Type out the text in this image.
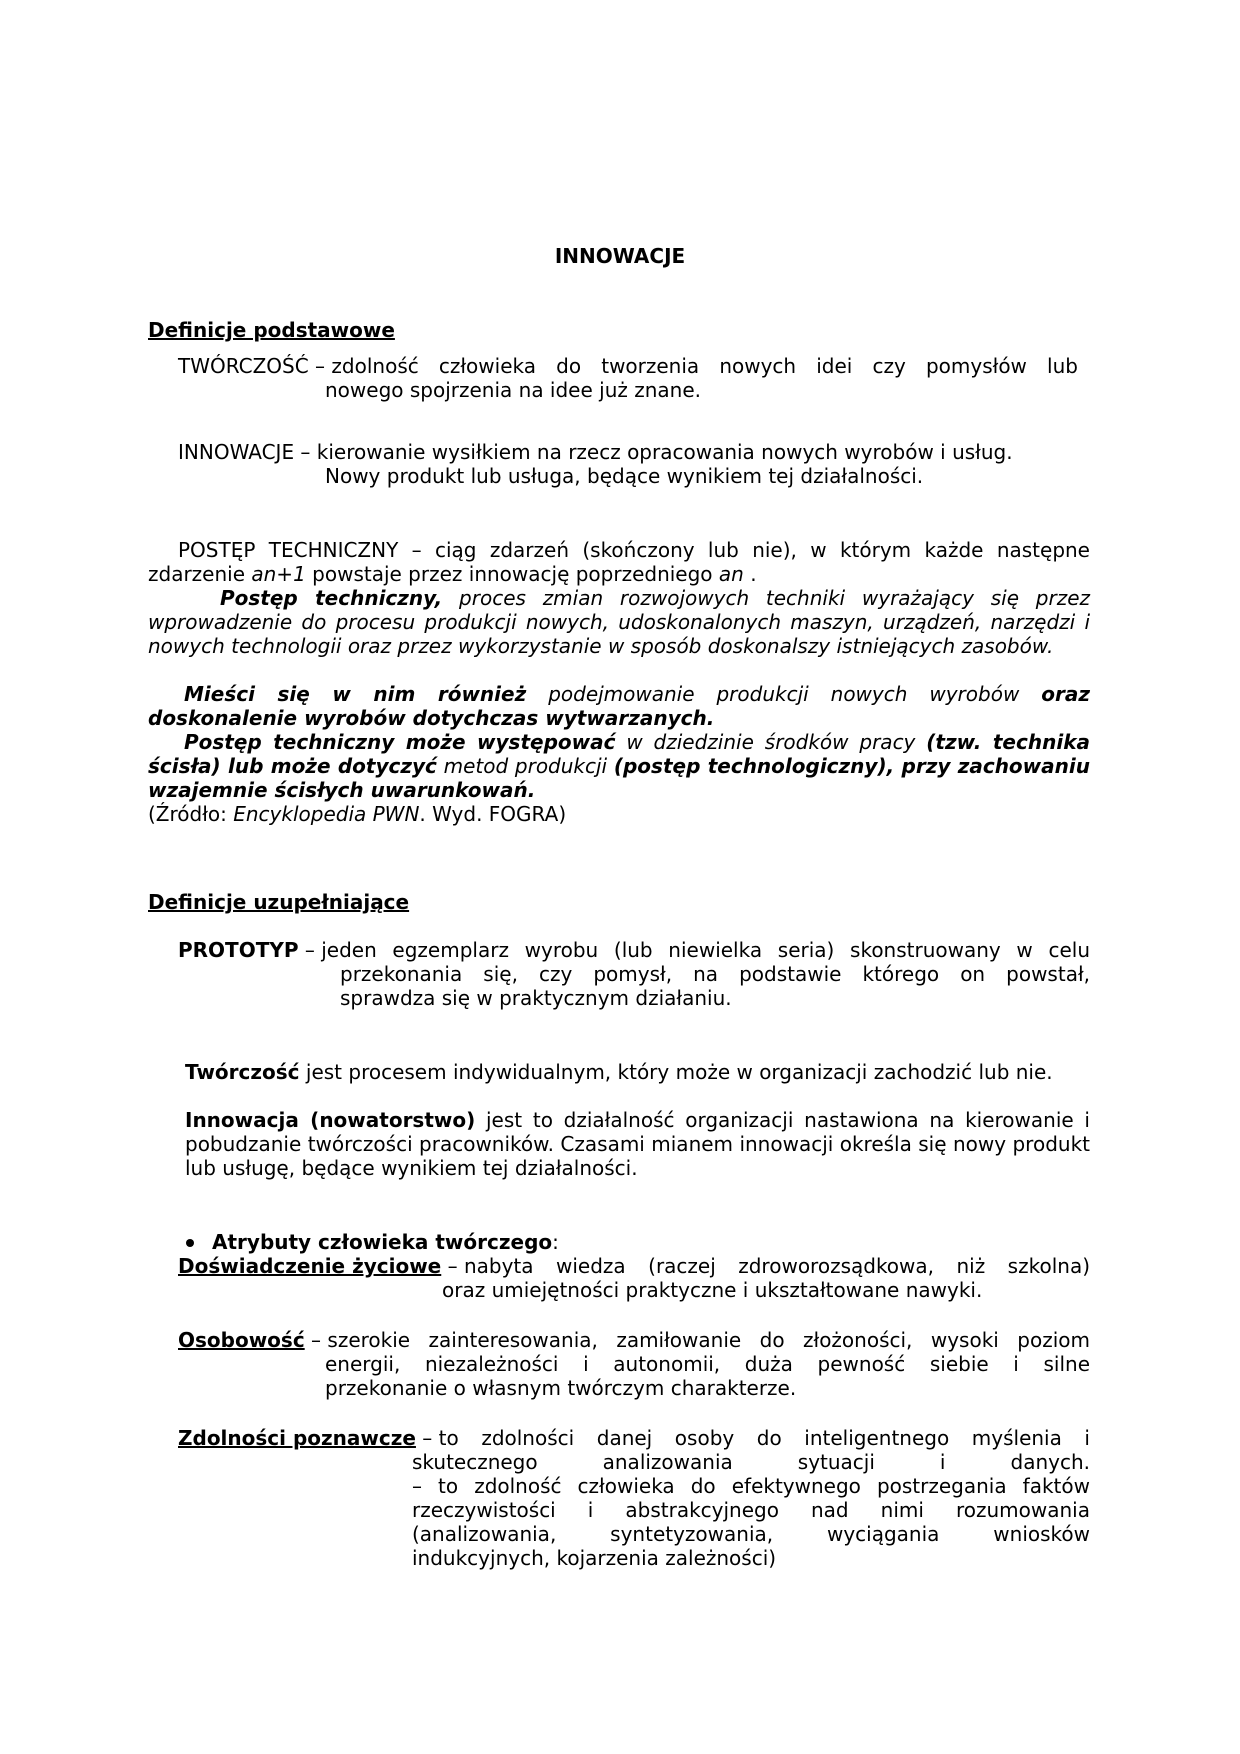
INNOWACJE
Definicje podstawowe
TWÓRCZOŚĆ – zdolność człowieka do tworzenia nowych idei czy pomysłów lub
nowego spojrzenia na idee już znane.
INNOWACJE – kierowanie wysiłkiem na rzecz opracowania nowych wyrobów i usług.
Nowy produkt lub usługa, będące wynikiem tej działalności.
POSTĘP TECHNICZNY – ciąg zdarzeń (skończony lub nie), w którym każde następne
zdarzenie an+1 powstaje przez innowację poprzedniego an .
Postęp techniczny, proces zmian rozwojowych techniki wyrażający się przez wprowadzenie do procesu produkcji nowych, udoskonalonych maszyn, urządzeń, narzędzi i nowych technologii oraz przez wykorzystanie w sposób doskonalszy istniejących zasobów.
Mieści się w nim również podejmowanie produkcji nowych wyrobów oraz doskonalenie wyrobów dotychczas wytwarzanych.
Postęp techniczny może występować w dziedzinie środków pracy (tzw. technika ścisła) lub może dotyczyć metod produkcji (postęp technologiczny), przy zachowaniu wzajemnie ścisłych uwarunkowań.
(Źródło: Encyklopedia PWN. Wyd. FOGRA)
Definicje uzupełniające
PROTOTYP – jeden egzemplarz wyrobu (lub niewielka seria) skonstruowany w celu
przekonania się, czy pomysł, na podstawie którego on powstał,
sprawdza się w praktycznym działaniu.
Twórczość jest procesem indywidualnym, który może w organizacji zachodzić lub nie.
Innowacja (nowatorstwo) jest to działalność organizacji nastawiona na kierowanie i pobudzanie twórczości pracowników. Czasami mianem innowacji określa się nowy produkt lub usługę, będące wynikiem tej działalności.
Atrybuty człowieka twórczego:
Doświadczenie życiowe – nabyta wiedza (raczej zdroworozsądkowa, niż szkolna)
oraz umiejętności praktyczne i ukształtowane nawyki.
Osobowość – szerokie zainteresowania, zamiłowanie do złożoności, wysoki poziom
energii, niezależności i autonomii, duża pewność siebie i silne
przekonanie o własnym twórczym charakterze.
Zdolności poznawcze – to zdolności danej osoby do inteligentnego myślenia i
skutecznego analizowania sytuacji i danych.
– to zdolność człowieka do efektywnego postrzegania faktów
rzeczywistości i abstrakcyjnego nad nimi rozumowania
(analizowania, syntetyzowania, wyciągania wniosków
indukcyjnych, kojarzenia zależności)
